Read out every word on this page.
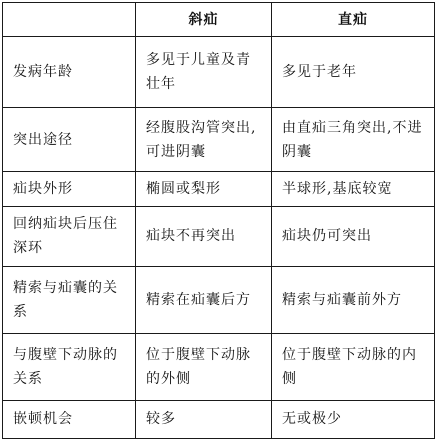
	斜疝	直疝
发病年龄	多见于儿童及青壮年	多见于老年
突出途径	经腹股沟管突出,可进阴囊	由直疝三角突出,不进阴囊
疝块外形	椭圆或梨形	半球形,基底较宽
回纳疝块后压住深环	疝块不再突出	疝块仍可突出
精索与疝囊的关系	精索在疝囊后方	精索与疝囊前外方
与腹壁下动脉的关系	位于腹壁下动脉的外侧	位于腹壁下动脉的内侧
嵌顿机会	较多	无或极少
